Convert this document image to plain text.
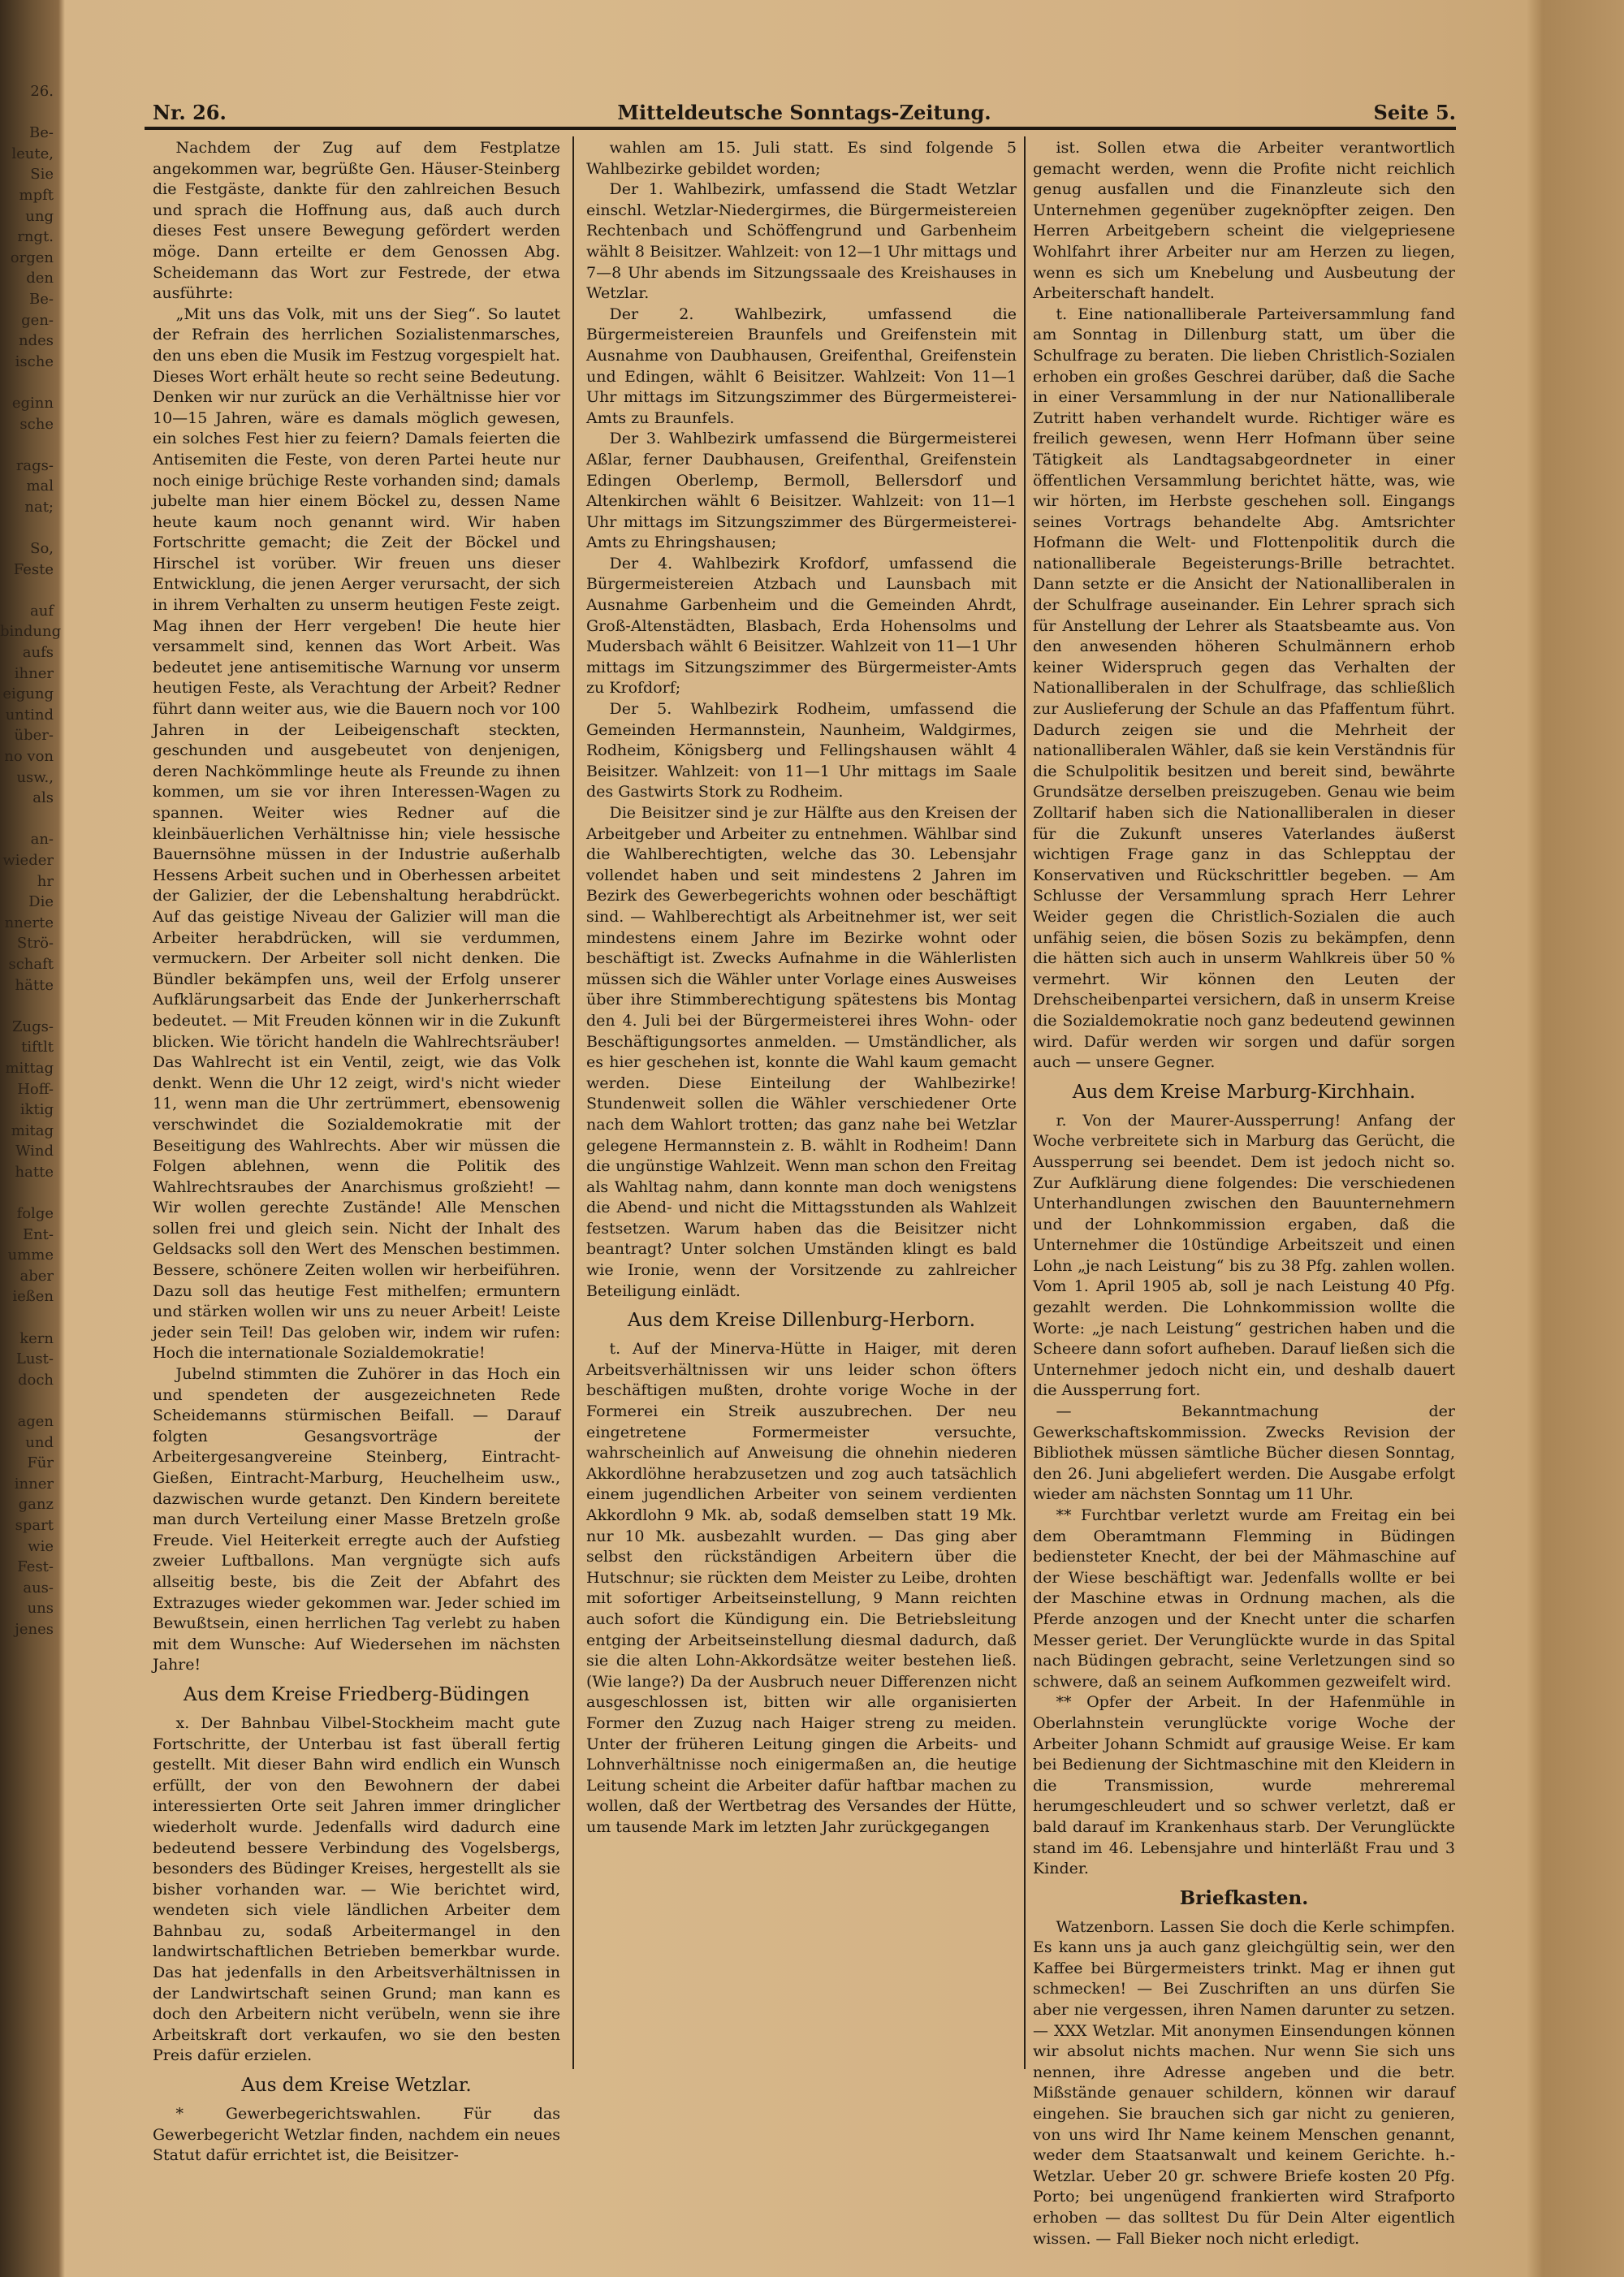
26.

Be-
leute,
Sie
mpft
ung
rngt.
orgen
den
Be-
gen-
ndes
ische

eginn
sche

rags-
mal
nat;

So,
Feste

auf
bindung
aufs
ihner
eigung
untind
über-
no von
usw.,
als

an-
wieder
hr
Die
nnerte
Strö-
schaft
hätte

Zugs-
tiftlt
mittag
Hoff-
iktig
mitag
Wind
hatte

folge
Ent-
umme
aber
ießen

kern
Lust-
doch

agen
und
Für
inner
ganz
spart
wie
Fest-
aus-
uns
jenes
Nr. 26.	Mitteldeutsche Sonntags-Zeitung.	Seite 5.

Nachdem der Zug auf dem Festplatze angekommen war, begrüßte Gen. Häuser-Steinberg die Festgäste, dankte für den zahlreichen Besuch und sprach die Hoffnung aus, daß auch durch dieses Fest unsere Bewegung gefördert werden möge. Dann erteilte er dem Genossen Abg. Scheidemann das Wort zur Festrede, der etwa ausführte:

„Mit uns das Volk, mit uns der Sieg“. So lautet der Refrain des herrlichen Sozialistenmarsches, den uns eben die Musik im Festzug vorgespielt hat. Dieses Wort erhält heute so recht seine Bedeutung. Denken wir nur zurück an die Verhältnisse hier vor 10—15 Jahren, wäre es damals möglich gewesen, ein solches Fest hier zu feiern? Damals feierten die Antisemiten die Feste, von deren Partei heute nur noch einige brüchige Reste vorhanden sind; damals jubelte man hier einem Böckel zu, dessen Name heute kaum noch genannt wird. Wir haben Fortschritte gemacht; die Zeit der Böckel und Hirschel ist vorüber. Wir freuen uns dieser Entwicklung, die jenen Aerger verursacht, der sich in ihrem Verhalten zu unserm heutigen Feste zeigt. Mag ihnen der Herr vergeben! Die heute hier versammelt sind, kennen das Wort Arbeit. Was bedeutet jene antisemitische Warnung vor unserm heutigen Feste, als Verachtung der Arbeit? Redner führt dann weiter aus, wie die Bauern noch vor 100 Jahren in der Leibeigenschaft steckten, geschunden und ausgebeutet von denjenigen, deren Nachkömmlinge heute als Freunde zu ihnen kommen, um sie vor ihren Interessen-Wagen zu spannen. Weiter wies Redner auf die kleinbäuerlichen Verhältnisse hin; viele hessische Bauernsöhne müssen in der Industrie außerhalb Hessens Arbeit suchen und in Oberhessen arbeitet der Galizier, der die Lebenshaltung herabdrückt. Auf das geistige Niveau der Galizier will man die Arbeiter herabdrücken, will sie verdummen, vermuckern. Der Arbeiter soll nicht denken. Die Bündler bekämpfen uns, weil der Erfolg unserer Aufklärungsarbeit das Ende der Junkerherrschaft bedeutet. — Mit Freuden können wir in die Zukunft blicken. Wie töricht handeln die Wahlrechtsräuber! Das Wahlrecht ist ein Ventil, zeigt, wie das Volk denkt. Wenn die Uhr 12 zeigt, wird's nicht wieder 11, wenn man die Uhr zertrümmert, ebensowenig verschwindet die Sozialdemokratie mit der Beseitigung des Wahlrechts. Aber wir müssen die Folgen ablehnen, wenn die Politik des Wahlrechtsraubes der Anarchismus großzieht! — Wir wollen gerechte Zustände! Alle Menschen sollen frei und gleich sein. Nicht der Inhalt des Geldsacks soll den Wert des Menschen bestimmen. Bessere, schönere Zeiten wollen wir herbeiführen. Dazu soll das heutige Fest mithelfen; ermuntern und stärken wollen wir uns zu neuer Arbeit! Leiste jeder sein Teil! Das geloben wir, indem wir rufen: Hoch die internationale Sozialdemokratie!

Jubelnd stimmten die Zuhörer in das Hoch ein und spendeten der ausgezeichneten Rede Scheidemanns stürmischen Beifall. — Darauf folgten Gesangsvorträge der Arbeitergesangvereine Steinberg, Eintracht-Gießen, Eintracht-Marburg, Heuchelheim usw., dazwischen wurde getanzt. Den Kindern bereitete man durch Verteilung einer Masse Bretzeln große Freude. Viel Heiterkeit erregte auch der Aufstieg zweier Luftballons. Man vergnügte sich aufs allseitig beste, bis die Zeit der Abfahrt des Extrazuges wieder gekommen war. Jeder schied im Bewußtsein, einen herrlichen Tag verlebt zu haben mit dem Wunsche: Auf Wiedersehen im nächsten Jahre!

Aus dem Kreise Friedberg-Büdingen

x. Der Bahnbau Vilbel-Stockheim macht gute Fortschritte, der Unterbau ist fast überall fertig gestellt. Mit dieser Bahn wird endlich ein Wunsch erfüllt, der von den Bewohnern der dabei interessierten Orte seit Jahren immer dringlicher wiederholt wurde. Jedenfalls wird dadurch eine bedeutend bessere Verbindung des Vogelsbergs, besonders des Büdinger Kreises, hergestellt als sie bisher vorhanden war. — Wie berichtet wird, wendeten sich viele ländlichen Arbeiter dem Bahnbau zu, sodaß Arbeitermangel in den landwirtschaftlichen Betrieben bemerkbar wurde. Das hat jedenfalls in den Arbeitsverhältnissen in der Landwirtschaft seinen Grund; man kann es doch den Arbeitern nicht verübeln, wenn sie ihre Arbeitskraft dort verkaufen, wo sie den besten Preis dafür erzielen.

Aus dem Kreise Wetzlar.

* Gewerbegerichtswahlen. Für das Gewerbegericht Wetzlar finden, nachdem ein neues Statut dafür errichtet ist, die Beisitzer-

wahlen am 15. Juli statt. Es sind folgende 5 Wahlbezirke gebildet worden;

Der 1. Wahlbezirk, umfassend die Stadt Wetzlar einschl. Wetzlar-Niedergirmes, die Bürgermeistereien Rechtenbach und Schöffengrund und Garbenheim wählt 8 Beisitzer. Wahlzeit: von 12—1 Uhr mittags und 7—8 Uhr abends im Sitzungssaale des Kreishauses in Wetzlar.

Der 2. Wahlbezirk, umfassend die Bürgermeistereien Braunfels und Greifenstein mit Ausnahme von Daubhausen, Greifenthal, Greifenstein und Edingen, wählt 6 Beisitzer. Wahlzeit: Von 11—1 Uhr mittags im Sitzungszimmer des Bürgermeisterei-Amts zu Braunfels.

Der 3. Wahlbezirk umfassend die Bürgermeisterei Aßlar, ferner Daubhausen, Greifenthal, Greifenstein Edingen Oberlemp, Bermoll, Bellersdorf und Altenkirchen wählt 6 Beisitzer. Wahlzeit: von 11—1 Uhr mittags im Sitzungszimmer des Bürgermeisterei-Amts zu Ehringshausen;

Der 4. Wahlbezirk Krofdorf, umfassend die Bürgermeistereien Atzbach und Launsbach mit Ausnahme Garbenheim und die Gemeinden Ahrdt, Groß-Altenstädten, Blasbach, Erda Hohensolms und Mudersbach wählt 6 Beisitzer. Wahlzeit von 11—1 Uhr mittags im Sitzungszimmer des Bürgermeister-Amts zu Krofdorf;

Der 5. Wahlbezirk Rodheim, umfassend die Gemeinden Hermannstein, Naunheim, Waldgirmes, Rodheim, Königsberg und Fellingshausen wählt 4 Beisitzer. Wahlzeit: von 11—1 Uhr mittags im Saale des Gastwirts Stork zu Rodheim.

Die Beisitzer sind je zur Hälfte aus den Kreisen der Arbeitgeber und Arbeiter zu entnehmen. Wählbar sind die Wahlberechtigten, welche das 30. Lebensjahr vollendet haben und seit mindestens 2 Jahren im Bezirk des Gewerbegerichts wohnen oder beschäftigt sind. — Wahlberechtigt als Arbeitnehmer ist, wer seit mindestens einem Jahre im Bezirke wohnt oder beschäftigt ist. Zwecks Aufnahme in die Wählerlisten müssen sich die Wähler unter Vorlage eines Ausweises über ihre Stimmberechtigung spätestens bis Montag den 4. Juli bei der Bürgermeisterei ihres Wohn- oder Beschäftigungsortes anmelden. — Umständlicher, als es hier geschehen ist, konnte die Wahl kaum gemacht werden. Diese Einteilung der Wahlbezirke! Stundenweit sollen die Wähler verschiedener Orte nach dem Wahlort trotten; das ganz nahe bei Wetzlar gelegene Hermannstein z. B. wählt in Rodheim! Dann die ungünstige Wahlzeit. Wenn man schon den Freitag als Wahltag nahm, dann konnte man doch wenigstens die Abend- und nicht die Mittagsstunden als Wahlzeit festsetzen. Warum haben das die Beisitzer nicht beantragt? Unter solchen Umständen klingt es bald wie Ironie, wenn der Vorsitzende zu zahlreicher Beteiligung einlädt.

Aus dem Kreise Dillenburg-Herborn.

t. Auf der Minerva-Hütte in Haiger, mit deren Arbeitsverhältnissen wir uns leider schon öfters beschäftigen mußten, drohte vorige Woche in der Formerei ein Streik auszubrechen. Der neu eingetretene Formermeister versuchte, wahrscheinlich auf Anweisung die ohnehin niederen Akkordlöhne herabzusetzen und zog auch tatsächlich einem jugendlichen Arbeiter von seinem verdienten Akkordlohn 9 Mk. ab, sodaß demselben statt 19 Mk. nur 10 Mk. ausbezahlt wurden. — Das ging aber selbst den rückständigen Arbeitern über die Hutschnur; sie rückten dem Meister zu Leibe, drohten mit sofortiger Arbeitseinstellung, 9 Mann reichten auch sofort die Kündigung ein. Die Betriebsleitung entging der Arbeitseinstellung diesmal dadurch, daß sie die alten Lohn-Akkordsätze weiter bestehen ließ. (Wie lange?) Da der Ausbruch neuer Differenzen nicht ausgeschlossen ist, bitten wir alle organisierten Former den Zuzug nach Haiger streng zu meiden. Unter der früheren Leitung gingen die Arbeits- und Lohnverhältnisse noch einigermaßen an, die heutige Leitung scheint die Arbeiter dafür haftbar machen zu wollen, daß der Wertbetrag des Versandes der Hütte, um tausende Mark im letzten Jahr zurückgegangen

ist. Sollen etwa die Arbeiter verantwortlich gemacht werden, wenn die Profite nicht reichlich genug ausfallen und die Finanzleute sich den Unternehmen gegenüber zugeknöpfter zeigen. Den Herren Arbeitgebern scheint die vielgepriesene Wohlfahrt ihrer Arbeiter nur am Herzen zu liegen, wenn es sich um Knebelung und Ausbeutung der Arbeiterschaft handelt.

t. Eine nationalliberale Parteiversammlung fand am Sonntag in Dillenburg statt, um über die Schulfrage zu beraten. Die lieben Christlich-Sozialen erhoben ein großes Geschrei darüber, daß die Sache in einer Versammlung in der nur Nationalliberale Zutritt haben verhandelt wurde. Richtiger wäre es freilich gewesen, wenn Herr Hofmann über seine Tätigkeit als Landtagsabgeordneter in einer öffentlichen Versammlung berichtet hätte, was, wie wir hörten, im Herbste geschehen soll. Eingangs seines Vortrags behandelte Abg. Amtsrichter Hofmann die Welt- und Flottenpolitik durch die nationalliberale Begeisterungs-Brille betrachtet. Dann setzte er die Ansicht der Nationalliberalen in der Schulfrage auseinander. Ein Lehrer sprach sich für Anstellung der Lehrer als Staatsbeamte aus. Von den anwesenden höheren Schulmännern erhob keiner Widerspruch gegen das Verhalten der Nationalliberalen in der Schulfrage, das schließlich zur Auslieferung der Schule an das Pfaffentum führt. Dadurch zeigen sie und die Mehrheit der nationalliberalen Wähler, daß sie kein Verständnis für die Schulpolitik besitzen und bereit sind, bewährte Grundsätze derselben preiszugeben. Genau wie beim Zolltarif haben sich die Nationalliberalen in dieser für die Zukunft unseres Vaterlandes äußerst wichtigen Frage ganz in das Schlepptau der Konservativen und Rückschrittler begeben. — Am Schlusse der Versammlung sprach Herr Lehrer Weider gegen die Christlich-Sozialen die auch unfähig seien, die bösen Sozis zu bekämpfen, denn die hätten sich auch in unserm Wahlkreis über 50 % vermehrt. Wir können den Leuten der Drehscheibenpartei versichern, daß in unserm Kreise die Sozialdemokratie noch ganz bedeutend gewinnen wird. Dafür werden wir sorgen und dafür sorgen auch — unsere Gegner.

Aus dem Kreise Marburg-Kirchhain.

r. Von der Maurer-Aussperrung! Anfang der Woche verbreitete sich in Marburg das Gerücht, die Aussperrung sei beendet. Dem ist jedoch nicht so. Zur Aufklärung diene folgendes: Die verschiedenen Unterhandlungen zwischen den Bauunternehmern und der Lohnkommission ergaben, daß die Unternehmer die 10stündige Arbeitszeit und einen Lohn „je nach Leistung“ bis zu 38 Pfg. zahlen wollen. Vom 1. April 1905 ab, soll je nach Leistung 40 Pfg. gezahlt werden. Die Lohnkommission wollte die Worte: „je nach Leistung“ gestrichen haben und die Scheere dann sofort aufheben. Darauf ließen sich die Unternehmer jedoch nicht ein, und deshalb dauert die Aussperrung fort.

— Bekanntmachung der Gewerkschaftskommission. Zwecks Revision der Bibliothek müssen sämtliche Bücher diesen Sonntag, den 26. Juni abgeliefert werden. Die Ausgabe erfolgt wieder am nächsten Sonntag um 11 Uhr.

** Furchtbar verletzt wurde am Freitag ein bei dem Oberamtmann Flemming in Büdingen bediensteter Knecht, der bei der Mähmaschine auf der Wiese beschäftigt war. Jedenfalls wollte er bei der Maschine etwas in Ordnung machen, als die Pferde anzogen und der Knecht unter die scharfen Messer geriet. Der Verunglückte wurde in das Spital nach Büdingen gebracht, seine Verletzungen sind so schwere, daß an seinem Aufkommen gezweifelt wird.

** Opfer der Arbeit. In der Hafenmühle in Oberlahnstein verunglückte vorige Woche der Arbeiter Johann Schmidt auf grausige Weise. Er kam bei Bedienung der Sichtmaschine mit den Kleidern in die Transmission, wurde mehreremal herumgeschleudert und so schwer verletzt, daß er bald darauf im Krankenhaus starb. Der Verunglückte stand im 46. Lebensjahre und hinterläßt Frau und 3 Kinder.

Briefkasten.

Watzenborn. Lassen Sie doch die Kerle schimpfen. Es kann uns ja auch ganz gleichgültig sein, wer den Kaffee bei Bürgermeisters trinkt. Mag er ihnen gut schmecken! — Bei Zuschriften an uns dürfen Sie aber nie vergessen, ihren Namen darunter zu setzen. — XXX Wetzlar. Mit anonymen Einsendungen können wir absolut nichts machen. Nur wenn Sie sich uns nennen, ihre Adresse angeben und die betr. Mißstände genauer schildern, können wir darauf eingehen. Sie brauchen sich gar nicht zu genieren, von uns wird Ihr Name keinem Menschen genannt, weder dem Staatsanwalt und keinem Gerichte. h.-Wetzlar. Ueber 20 gr. schwere Briefe kosten 20 Pfg. Porto; bei ungenügend frankierten wird Strafporto erhoben — das solltest Du für Dein Alter eigentlich wissen. — Fall Bieker noch nicht erledigt.
